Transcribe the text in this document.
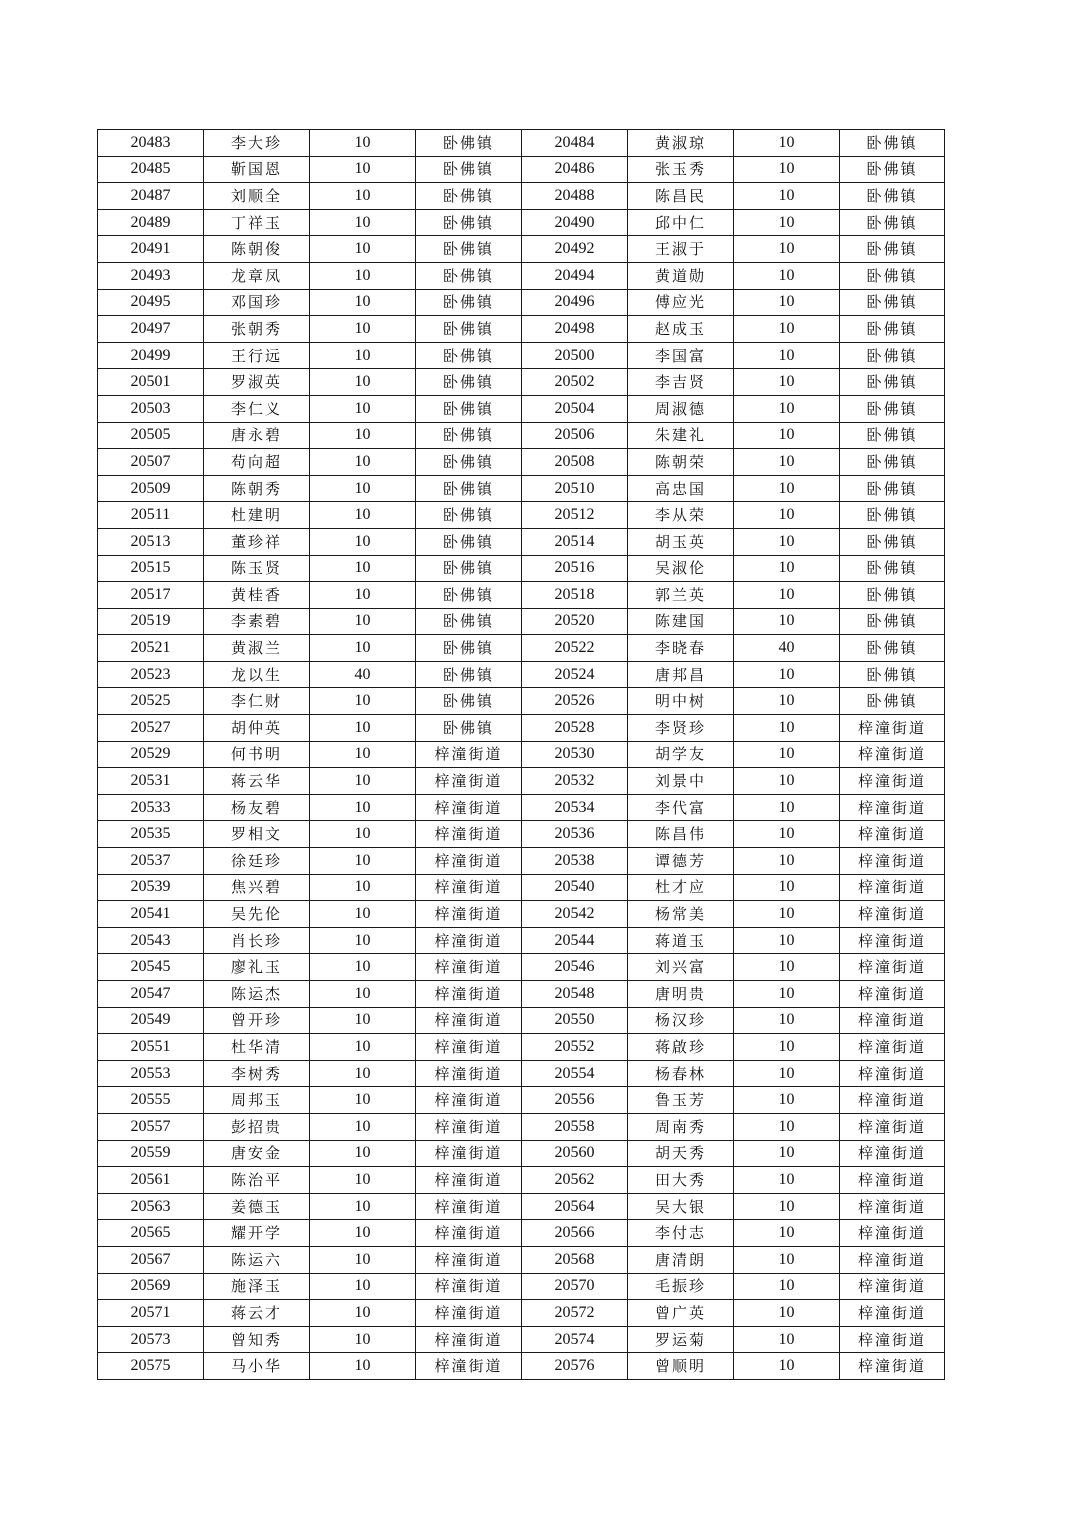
20483	李大珍	10	卧佛镇	20484	黄淑琼	10	卧佛镇
20485	靳国恩	10	卧佛镇	20486	张玉秀	10	卧佛镇
20487	刘顺全	10	卧佛镇	20488	陈昌民	10	卧佛镇
20489	丁祥玉	10	卧佛镇	20490	邱中仁	10	卧佛镇
20491	陈朝俊	10	卧佛镇	20492	王淑于	10	卧佛镇
20493	龙章凤	10	卧佛镇	20494	黄道勋	10	卧佛镇
20495	邓国珍	10	卧佛镇	20496	傅应光	10	卧佛镇
20497	张朝秀	10	卧佛镇	20498	赵成玉	10	卧佛镇
20499	王行远	10	卧佛镇	20500	李国富	10	卧佛镇
20501	罗淑英	10	卧佛镇	20502	李吉贤	10	卧佛镇
20503	李仁义	10	卧佛镇	20504	周淑德	10	卧佛镇
20505	唐永碧	10	卧佛镇	20506	朱建礼	10	卧佛镇
20507	苟向超	10	卧佛镇	20508	陈朝荣	10	卧佛镇
20509	陈朝秀	10	卧佛镇	20510	高忠国	10	卧佛镇
20511	杜建明	10	卧佛镇	20512	李从荣	10	卧佛镇
20513	董珍祥	10	卧佛镇	20514	胡玉英	10	卧佛镇
20515	陈玉贤	10	卧佛镇	20516	吴淑伦	10	卧佛镇
20517	黄桂香	10	卧佛镇	20518	郭兰英	10	卧佛镇
20519	李素碧	10	卧佛镇	20520	陈建国	10	卧佛镇
20521	黄淑兰	10	卧佛镇	20522	李晓春	40	卧佛镇
20523	龙以生	40	卧佛镇	20524	唐邦昌	10	卧佛镇
20525	李仁财	10	卧佛镇	20526	明中树	10	卧佛镇
20527	胡仲英	10	卧佛镇	20528	李贤珍	10	梓潼街道
20529	何书明	10	梓潼街道	20530	胡学友	10	梓潼街道
20531	蒋云华	10	梓潼街道	20532	刘景中	10	梓潼街道
20533	杨友碧	10	梓潼街道	20534	李代富	10	梓潼街道
20535	罗相文	10	梓潼街道	20536	陈昌伟	10	梓潼街道
20537	徐廷珍	10	梓潼街道	20538	谭德芳	10	梓潼街道
20539	焦兴碧	10	梓潼街道	20540	杜才应	10	梓潼街道
20541	吴先伦	10	梓潼街道	20542	杨常美	10	梓潼街道
20543	肖长珍	10	梓潼街道	20544	蒋道玉	10	梓潼街道
20545	廖礼玉	10	梓潼街道	20546	刘兴富	10	梓潼街道
20547	陈运杰	10	梓潼街道	20548	唐明贵	10	梓潼街道
20549	曾开珍	10	梓潼街道	20550	杨汉珍	10	梓潼街道
20551	杜华清	10	梓潼街道	20552	蒋啟珍	10	梓潼街道
20553	李树秀	10	梓潼街道	20554	杨春林	10	梓潼街道
20555	周邦玉	10	梓潼街道	20556	鲁玉芳	10	梓潼街道
20557	彭招贵	10	梓潼街道	20558	周南秀	10	梓潼街道
20559	唐安金	10	梓潼街道	20560	胡天秀	10	梓潼街道
20561	陈治平	10	梓潼街道	20562	田大秀	10	梓潼街道
20563	姜德玉	10	梓潼街道	20564	吴大银	10	梓潼街道
20565	耀开学	10	梓潼街道	20566	李付志	10	梓潼街道
20567	陈运六	10	梓潼街道	20568	唐清朗	10	梓潼街道
20569	施泽玉	10	梓潼街道	20570	毛振珍	10	梓潼街道
20571	蒋云才	10	梓潼街道	20572	曾广英	10	梓潼街道
20573	曾知秀	10	梓潼街道	20574	罗运菊	10	梓潼街道
20575	马小华	10	梓潼街道	20576	曾顺明	10	梓潼街道
